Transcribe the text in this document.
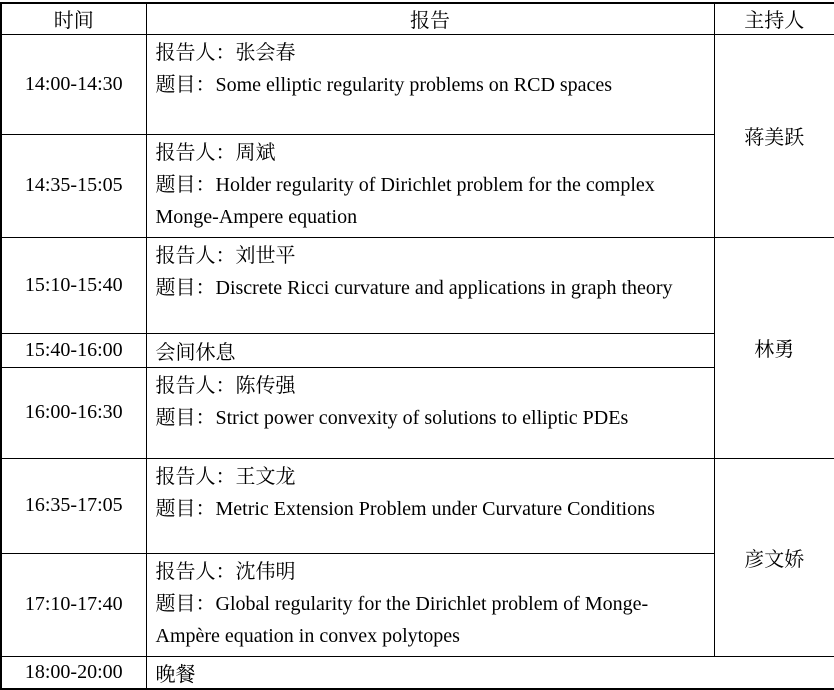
时间	报告	主持人
14:00-14:30	报告人：张会春
题目：Some elliptic regularity problems on RCD spaces	蒋美跃
14:35-15:05	报告人：周斌
题目：Holder regularity of Dirichlet problem for the complex Monge-Ampere equation	

15:10-15:40	报告人：刘世平
题目：Discrete Ricci curvature and applications in graph theory	林勇
15:40-16:00	会间休息	
16:00-16:30	报告人：陈传强
题目：Strict power convexity of solutions to elliptic PDEs	

16:35-17:05	报告人：王文龙
题目：Metric Extension Problem under Curvature Conditions	彦文娇
17:10-17:40	报告人：沈伟明
题目：Global regularity for the Dirichlet problem of Monge-Ampère equation in convex polytopes	

18:00-20:00	晚餐	
